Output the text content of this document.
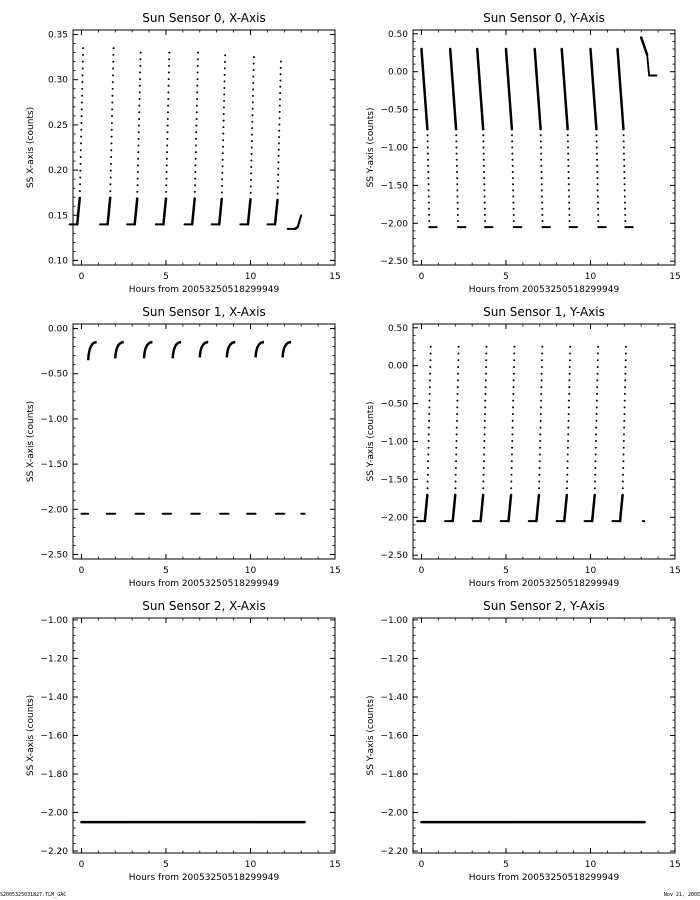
Sun Sensor 0, X-Axis
Hours from 20053250518299949
SS X-axis (counts)
0	5	10	15
0.10
0.15
0.20
0.25
0.30
0.35
Sun Sensor 0, Y-Axis
Hours from 20053250518299949
SS Y-axis (counts)
0	5	10	15
−2.50
−2.00
−1.50
−1.00
−0.50
0.00
0.50
Sun Sensor 1, X-Axis
Hours from 20053250518299949
SS X-axis (counts)
0	5	10	15
−2.50
−2.00
−1.50
−1.00
−0.50
0.00
Sun Sensor 1, Y-Axis
Hours from 20053250518299949
SS Y-axis (counts)
0	5	10	15
−2.50
−2.00
−1.50
−1.00
−0.50
0.00
0.50
Sun Sensor 2, X-Axis
Hours from 20053250518299949
SS X-axis (counts)
0	5	10	15
−2.20
−2.00
−1.80
−1.60
−1.40
−1.20
−1.00
Sun Sensor 2, Y-Axis
Hours from 20053250518299949
SS Y-axis (counts)
0	5	10	15
−2.20
−2.00
−1.80
−1.60
−1.40
−1.20
−1.00
S2005325031827.TLM_GAC	Nov 21, 2005
